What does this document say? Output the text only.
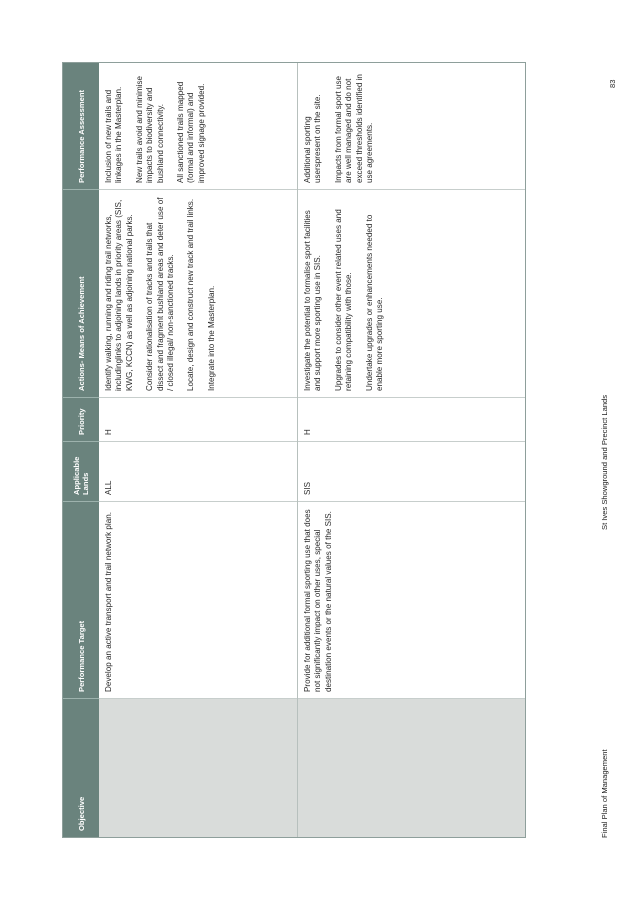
Objective
Performance Target
Applicable Lands
Priority
Actions- Means of Achievement
Performance Assessment
Develop an active transport and trail network plan.
ALL
H

Identify walking, running and riding trail networks, includinglinks to adjoining lands in priority areas (SIS, KWG, KCCN) as well as adjoining national parks. Consider rationalisation of tracks and trails that dissect and fragment bushland areas and deter use of / closed illegal/ non-sanctioned tracks. Locate, design and construct new track and trail links. Integrate into the Masterplan.

Inclusion of new trails and linkages in the Masterplan. New trails avoid and minimise impacts to biodiversity and bushland connectivity. All sanctioned trails mapped (formal and informal) and improved signage provided.

Provide for additional formal sporting use that does not significantly impact on other uses, special destination events or the natural values of the SIS.
SIS
H

Investigate the potential to formalise sport facilities and support more sporting use in SIS. Upgrades to consider other event related uses and retaining compatibility with those. Undertake upgrades or enhancements needed to enable more sporting use.

Additional sporting userspresent on the site. Impacts from formal sport use are well managed and do not exceed thresholds identified in use agreements.

Final Plan of Management
St Ives Showground and Precinct Lands
83
